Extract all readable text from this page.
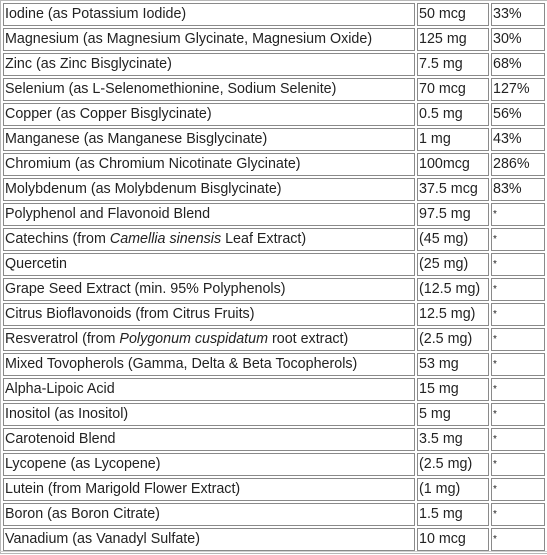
Iodine (as Potassium Iodide)	50 mcg	33%
Magnesium (as Magnesium Glycinate, Magnesium Oxide)	125 mg	30%
Zinc (as Zinc Bisglycinate)	7.5 mg	68%
Selenium (as L-Selenomethionine, Sodium Selenite)	70 mcg	127%
Copper (as Copper Bisglycinate)	0.5 mg	56%
Manganese (as Manganese Bisglycinate)	1 mg	43%
Chromium (as Chromium Nicotinate Glycinate)	100mcg	286%
Molybdenum (as Molybdenum Bisglycinate)	37.5 mcg	83%
Polyphenol and Flavonoid Blend	97.5 mg	*
Catechins (from Camellia sinensis Leaf Extract)	(45 mg)	*
Quercetin	(25 mg)	*
Grape Seed Extract (min. 95% Polyphenols)	(12.5 mg)	*
Citrus Bioflavonoids (from Citrus Fruits)	12.5 mg)	*
Resveratrol (from Polygonum cuspidatum root extract)	(2.5 mg)	*
Mixed Tovopherols (Gamma, Delta & Beta Tocopherols)	53 mg	*
Alpha-Lipoic Acid	15 mg	*
Inositol (as Inositol)	5 mg	*
Carotenoid Blend	3.5 mg	*
Lycopene (as Lycopene)	(2.5 mg)	*
Lutein (from Marigold Flower Extract)	(1 mg)	*
Boron (as Boron Citrate)	1.5 mg	*
Vanadium (as Vanadyl Sulfate)	10 mcg	*
